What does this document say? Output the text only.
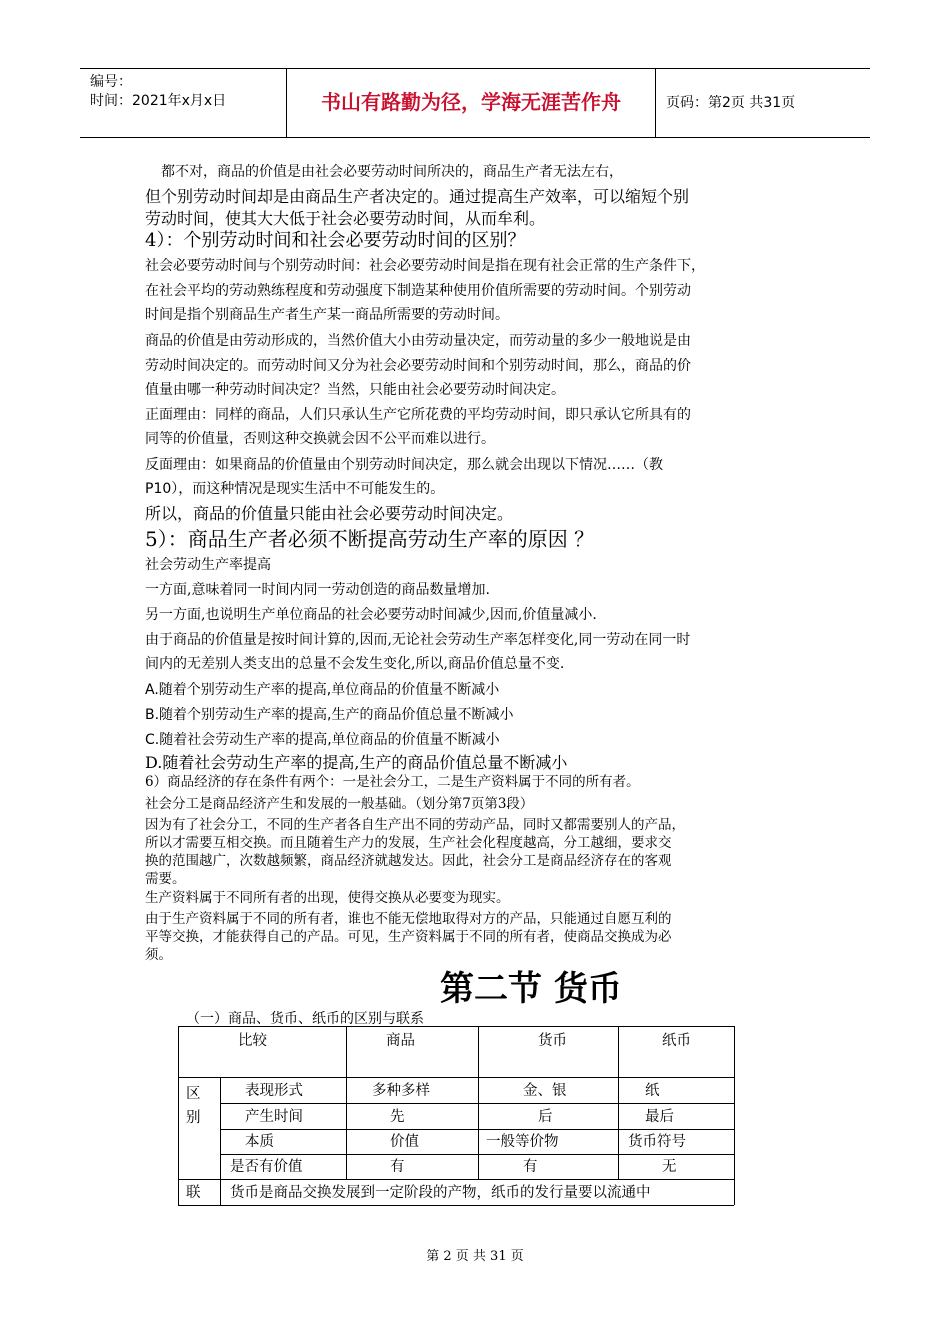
编号：
时间：2021年x月x日	书山有路勤为径，学海无涯苦作舟	页码：第2页 共31页
都不对，商品的价值是由社会必要劳动时间所决的，商品生产者无法左右，
但个别劳动时间却是由商品生产者决定的。通过提高生产效率，可以缩短个别
劳动时间，使其大大低于社会必要劳动时间，从而牟利。
4）：个别劳动时间和社会必要劳动时间的区别？
社会必要劳动时间与个别劳动时间：社会必要劳动时间是指在现有社会正常的生产条件下，
在社会平均的劳动熟练程度和劳动强度下制造某种使用价值所需要的劳动时间。个别劳动
时间是指个别商品生产者生产某一商品所需要的劳动时间。
商品的价值是由劳动形成的，当然价值大小由劳动量决定，而劳动量的多少一般地说是由
劳动时间决定的。而劳动时间又分为社会必要劳动时间和个别劳动时间，那么，商品的价
值量由哪一种劳动时间决定？当然，只能由社会必要劳动时间决定。
正面理由：同样的商品，人们只承认生产它所花费的平均劳动时间，即只承认它所具有的
同等的价值量，否则这种交换就会因不公平而难以进行。
反面理由：如果商品的价值量由个别劳动时间决定，那么就会出现以下情况……（教
P10），而这种情况是现实生活中不可能发生的。
所以，商品的价值量只能由社会必要劳动时间决定。
5）：商品生产者必须不断提高劳动生产率的原因 ？
社会劳动生产率提高
一方面,意味着同一时间内同一劳动创造的商品数量增加.
另一方面,也说明生产单位商品的社会必要劳动时间减少,因而,价值量减小.
由于商品的价值量是按时间计算的,因而,无论社会劳动生产率怎样变化,同一劳动在同一时
间内的无差别人类支出的总量不会发生变化,所以,商品价值总量不变.
A.随着个别劳动生产率的提高,单位商品的价值量不断减小
B.随着个别劳动生产率的提高,生产的商品价值总量不断减小
C.随着社会劳动生产率的提高,单位商品的价值量不断减小
D.随着社会劳动生产率的提高,生产的商品价值总量不断减小
6）商品经济的存在条件有两个：一是社会分工，二是生产资料属于不同的所有者。
社会分工是商品经济产生和发展的一般基础。（划分第7页第3段）
因为有了社会分工，不同的生产者各自生产出不同的劳动产品，同时又都需要别人的产品，
所以才需要互相交换。而且随着生产力的发展，生产社会化程度越高，分工越细，要求交
换的范围越广，次数越频繁，商品经济就越发达。因此，社会分工是商品经济存在的客观
需要。
生产资料属于不同所有者的出现，使得交换从必要变为现实。
由于生产资料属于不同的所有者，谁也不能无偿地取得对方的产品，只能通过自愿互利的
平等交换，才能获得自己的产品。可见，生产资料属于不同的所有者，使商品交换成为必
须。
第二节 货币
（一）商品、货币、纸币的区别与联系
比较	商品	货币	纸币
区
别
表现形式	多种多样	金、银	纸
产生时间	先	后	最后
本质	价值	一般等价物	货币符号
是否有价值	有	有	无
联 货币是商品交换发展到一定阶段的产物，纸币的发行量要以流通中
第 2 页 共 31 页
